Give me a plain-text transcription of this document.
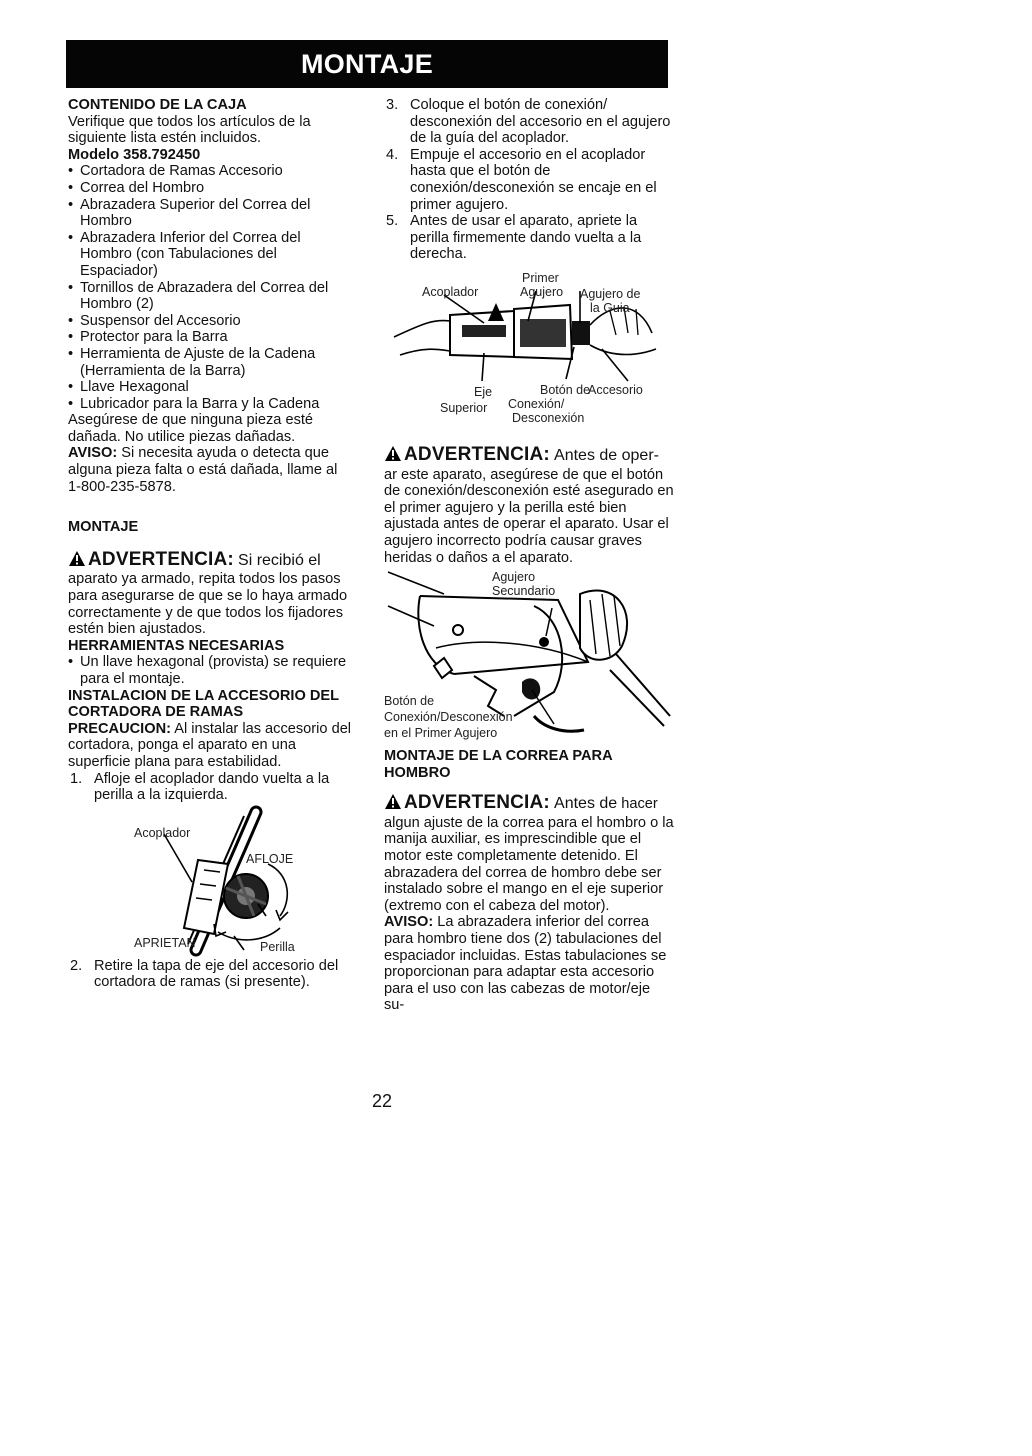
MONTAJE

CONTENIDO DE LA CAJA

Verifique que todos los artículos de la siguiente lista estén incluidos.

Modelo 358.792450

• Cortadora de Ramas Accesorio
• Correa del Hombro
• Abrazadera Superior del Correa del Hombro
• Abrazadera Inferior del Correa del Hombro (con Tabulaciones del Espaciador)
• Tornillos de Abrazadera del Correa del Hombro (2)
• Suspensor del Accesorio
• Protector para la Barra
• Herramienta de Ajuste de la Cadena (Herramienta de la Barra)
• Llave Hexagonal
• Lubricador para la Barra y la Cadena

Asegúrese de que ninguna pieza esté dañada. No utilice piezas dañadas.

AVISO: Si necesita ayuda o detecta que alguna pieza falta o está dañada, llame al 1-800-235-5878.

MONTAJE

ADVERTENCIA: Si recibió el aparato ya armado, repita todos los pasos para asegurarse de que se lo haya armado correctamente y de que todos los fijadores estén bien ajustados.

HERRAMIENTAS NECESARIAS

• Un llave hexagonal (provista) se requiere para el montaje.

INSTALACION DE LA ACCESORIO DEL CORTADORA DE RAMAS

PRECAUCION: Al instalar las accesorio del cortadora, ponga el aparato en una superficie plana para estabilidad.

1. Afloje el acoplador dando vuelta a la perilla a la izquierda.
Acoplador
AFLOJE
APRIETAN	Perilla
2. Retire la tapa de eje del accesorio del cortadora de ramas (si presente).
3. Coloque el botón de conexión/ desconexión del accesorio en el agujero de la guía del acoplador.
4. Empuje el accesorio en el acoplador hasta que el botón de conexión/desconexión se encaje en el primer agujero.
5. Antes de usar el aparato, apriete la perilla firmemente dando vuelta a la derecha.
Acoplador
Primer
Agujero Agujero de
la Guia
Eje
Superior
Botón de
Conexión/
Desconexión
Accesorio

ADVERTENCIA: Antes de oper- ar este aparato, asegúrese de que el botón de conexión/desconexión esté asegurado en el primer agujero y la perilla esté bien ajustada antes de operar el aparato. Usar el agujero incorrecto podría causar graves heridas o daños a el aparato.

Agujero
Secundario
Botón de
Conexión/Desconexión
en el Primer Agujero

MONTAJE DE LA CORREA PARA HOMBRO

ADVERTENCIA: Antes de hacer algun ajuste de la correa para el hombro o la manija auxiliar, es imprescindible que el motor este completamente detenido. El abrazadera del correa de hombro debe ser instalado sobre el mango en el eje superior (extremo con el cabeza del motor).

AVISO: La abrazadera inferior del correa para hombro tiene dos (2) tabulaciones del espaciador incluidas. Estas tabulaciones se proporcionan para adaptar esta accesorio para el uso con las cabezas de motor/eje su-

22
